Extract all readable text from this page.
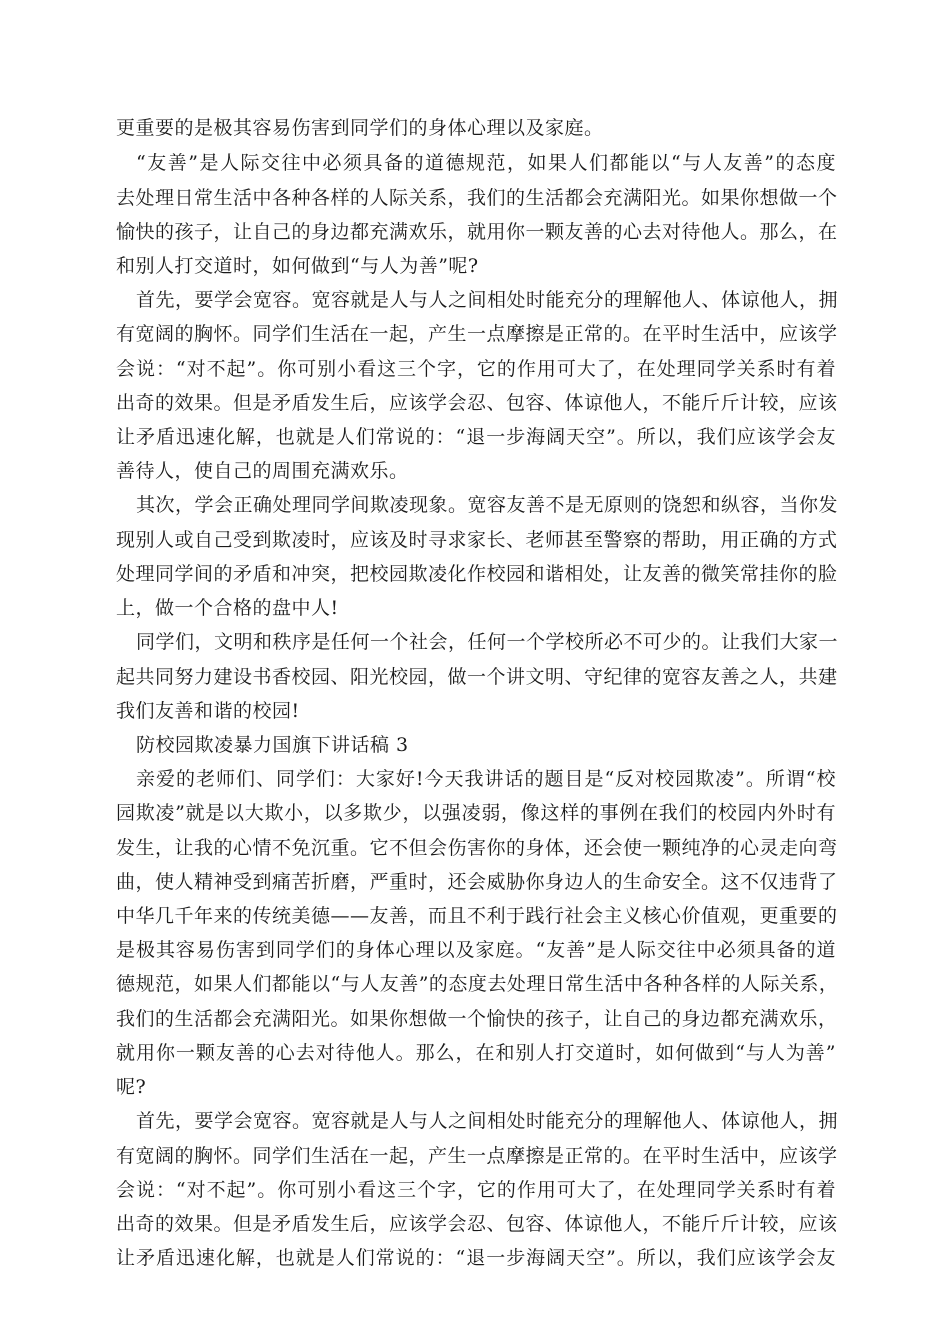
更重要的是极其容易伤害到同学们的身体心理以及家庭。
“友善”是人际交往中必须具备的道德规范，如果人们都能以“与人友善”的态度
去处理日常生活中各种各样的人际关系，我们的生活都会充满阳光。如果你想做一个
愉快的孩子，让自己的身边都充满欢乐，就用你一颗友善的心去对待他人。那么，在
和别人打交道时，如何做到“与人为善”呢?
首先，要学会宽容。宽容就是人与人之间相处时能充分的理解他人、体谅他人，拥
有宽阔的胸怀。同学们生活在一起，产生一点摩擦是正常的。在平时生活中，应该学
会说：“对不起”。你可别小看这三个字，它的作用可大了，在处理同学关系时有着
出奇的效果。但是矛盾发生后，应该学会忍、包容、体谅他人，不能斤斤计较，应该
让矛盾迅速化解，也就是人们常说的：“退一步海阔天空”。所以，我们应该学会友
善待人，使自己的周围充满欢乐。
其次，学会正确处理同学间欺凌现象。宽容友善不是无原则的饶恕和纵容，当你发
现别人或自己受到欺凌时，应该及时寻求家长、老师甚至警察的帮助，用正确的方式
处理同学间的矛盾和冲突，把校园欺凌化作校园和谐相处，让友善的微笑常挂你的脸
上，做一个合格的盘中人!
同学们，文明和秩序是任何一个社会，任何一个学校所必不可少的。让我们大家一
起共同努力建设书香校园、阳光校园，做一个讲文明、守纪律的宽容友善之人，共建
我们友善和谐的校园!
防校园欺凌暴力国旗下讲话稿 3
亲爱的老师们、同学们：大家好!今天我讲话的题目是“反对校园欺凌”。所谓“校
园欺凌”就是以大欺小，以多欺少，以强凌弱，像这样的事例在我们的校园内外时有
发生，让我的心情不免沉重。它不但会伤害你的身体，还会使一颗纯净的心灵走向弯
曲，使人精神受到痛苦折磨，严重时，还会威胁你身边人的生命安全。这不仅违背了
中华几千年来的传统美德——友善，而且不利于践行社会主义核心价值观，更重要的
是极其容易伤害到同学们的身体心理以及家庭。“友善”是人际交往中必须具备的道
德规范，如果人们都能以“与人友善”的态度去处理日常生活中各种各样的人际关系，
我们的生活都会充满阳光。如果你想做一个愉快的孩子，让自己的身边都充满欢乐，
就用你一颗友善的心去对待他人。那么，在和别人打交道时，如何做到“与人为善”
呢?
首先，要学会宽容。宽容就是人与人之间相处时能充分的理解他人、体谅他人，拥
有宽阔的胸怀。同学们生活在一起，产生一点摩擦是正常的。在平时生活中，应该学
会说：“对不起”。你可别小看这三个字，它的作用可大了，在处理同学关系时有着
出奇的效果。但是矛盾发生后，应该学会忍、包容、体谅他人，不能斤斤计较，应该
让矛盾迅速化解，也就是人们常说的：“退一步海阔天空”。所以，我们应该学会友
